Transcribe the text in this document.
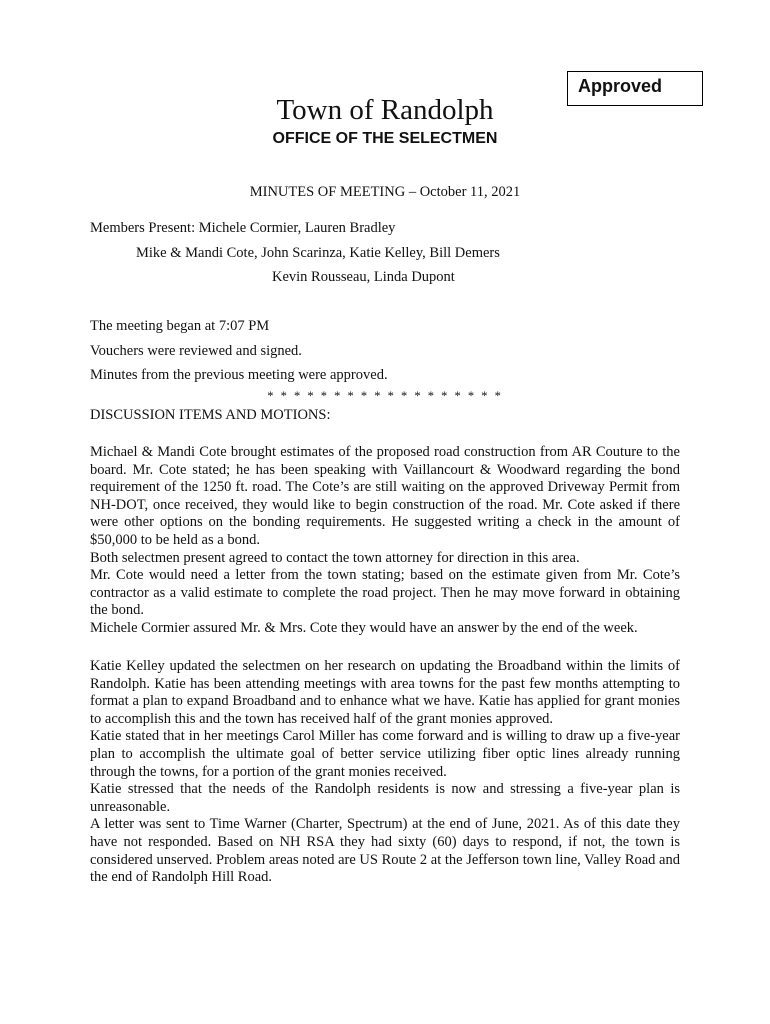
Approved
Town of Randolph
OFFICE OF THE SELECTMEN
MINUTES OF MEETING – October 11, 2021
Members Present: Michele Cormier, Lauren Bradley
Mike & Mandi Cote, John Scarinza, Katie Kelley, Bill Demers
Kevin Rousseau, Linda Dupont
The meeting began at 7:07 PM
Vouchers were reviewed and signed.
Minutes from the previous meeting were approved.
* * * * * * * * * * * * * * * * * *
DISCUSSION ITEMS AND MOTIONS:

Michael & Mandi Cote brought estimates of the proposed road construction from AR Couture to the board. Mr. Cote stated; he has been speaking with Vaillancourt & Woodward regarding the bond requirement of the 1250 ft. road. The Cote’s are still waiting on the approved Driveway Permit from NH-DOT, once received, they would like to begin construction of the road. Mr. Cote asked if there were other options on the bonding requirements. He suggested writing a check in the amount of $50,000 to be held as a bond.

Both selectmen present agreed to contact the town attorney for direction in this area.

Mr. Cote would need a letter from the town stating; based on the estimate given from Mr. Cote’s contractor as a valid estimate to complete the road project. Then he may move forward in obtaining the bond.

Michele Cormier assured Mr. & Mrs. Cote they would have an answer by the end of the week.

Katie Kelley updated the selectmen on her research on updating the Broadband within the limits of Randolph. Katie has been attending meetings with area towns for the past few months attempting to format a plan to expand Broadband and to enhance what we have. Katie has applied for grant monies to accomplish this and the town has received half of the grant monies approved.

Katie stated that in her meetings Carol Miller has come forward and is willing to draw up a five-year plan to accomplish the ultimate goal of better service utilizing fiber optic lines already running through the towns, for a portion of the grant monies received.

Katie stressed that the needs of the Randolph residents is now and stressing a five-year plan is unreasonable.

A letter was sent to Time Warner (Charter, Spectrum) at the end of June, 2021. As of this date they have not responded. Based on NH RSA they had sixty (60) days to respond, if not, the town is considered unserved. Problem areas noted are US Route 2 at the Jefferson town line, Valley Road and the end of Randolph Hill Road.
